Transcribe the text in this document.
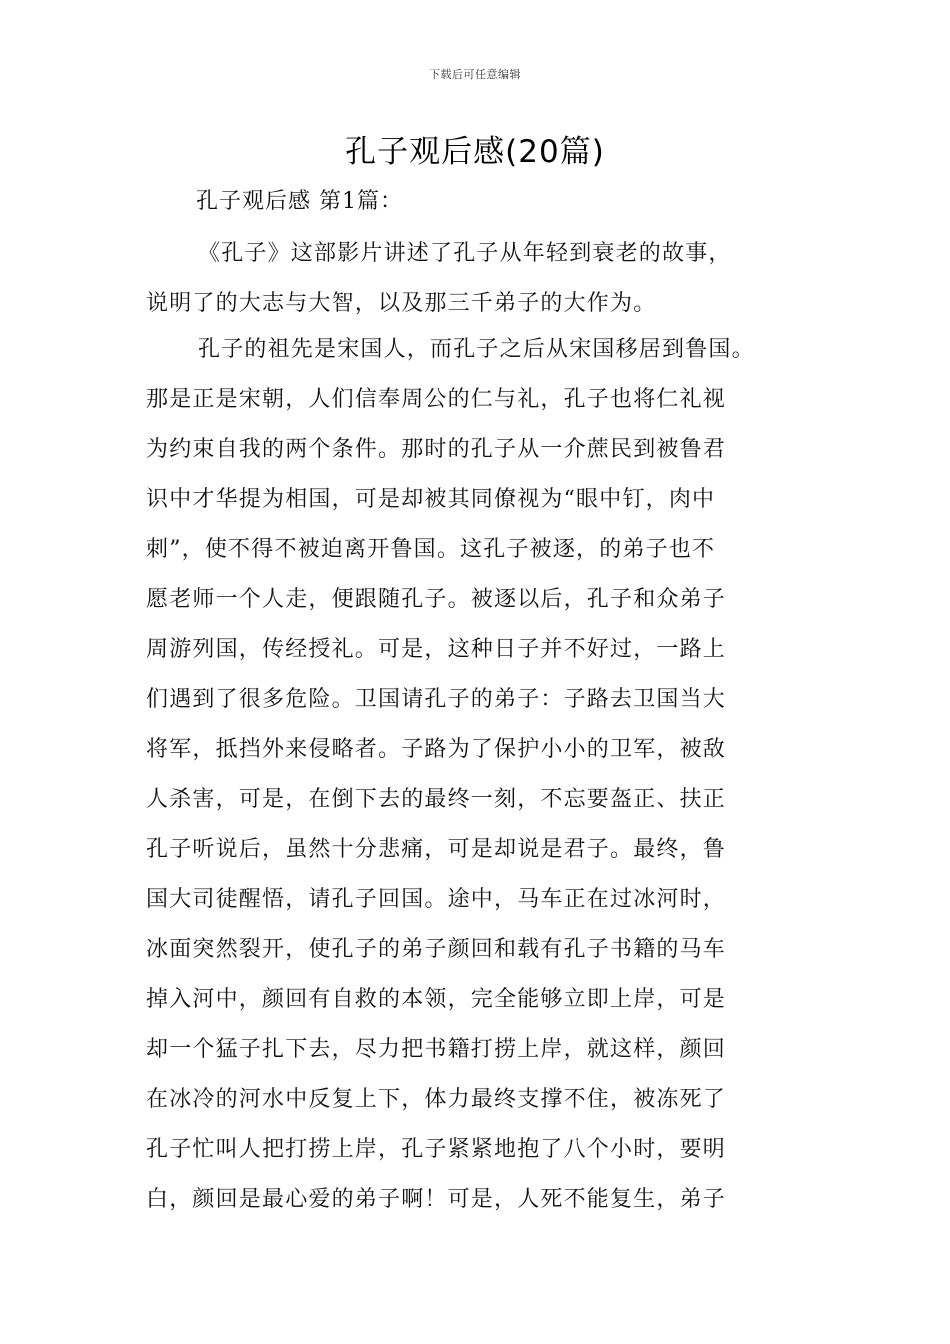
下载后可任意编辑
孔子观后感(20篇)
孔子观后感 第1篇：
《孔子》这部影片讲述了孔子从年轻到衰老的故事，
说明了的大志与大智，以及那三千弟子的大作为。
孔子的祖先是宋国人，而孔子之后从宋国移居到鲁国。
那是正是宋朝，人们信奉周公的仁与礼，孔子也将仁礼视
为约束自我的两个条件。那时的孔子从一介蔗民到被鲁君
识中才华提为相国，可是却被其同僚视为“眼中钉，肉中
刺”，使不得不被迫离开鲁国。这孔子被逐，的弟子也不
愿老师一个人走，便跟随孔子。被逐以后，孔子和众弟子
周游列国，传经授礼。可是，这种日子并不好过，一路上
们遇到了很多危险。卫国请孔子的弟子：子路去卫国当大
将军，抵挡外来侵略者。子路为了保护小小的卫军，被敌
人杀害，可是，在倒下去的最终一刻，不忘要盔正、扶正
孔子听说后，虽然十分悲痛，可是却说是君子。最终，鲁
国大司徒醒悟，请孔子回国。途中，马车正在过冰河时，
冰面突然裂开，使孔子的弟子颜回和载有孔子书籍的马车
掉入河中，颜回有自救的本领，完全能够立即上岸，可是
却一个猛子扎下去，尽力把书籍打捞上岸，就这样，颜回
在冰冷的河水中反复上下，体力最终支撑不住，被冻死了
孔子忙叫人把打捞上岸，孔子紧紧地抱了八个小时，要明
白，颜回是最心爱的弟子啊！可是，人死不能复生，弟子
